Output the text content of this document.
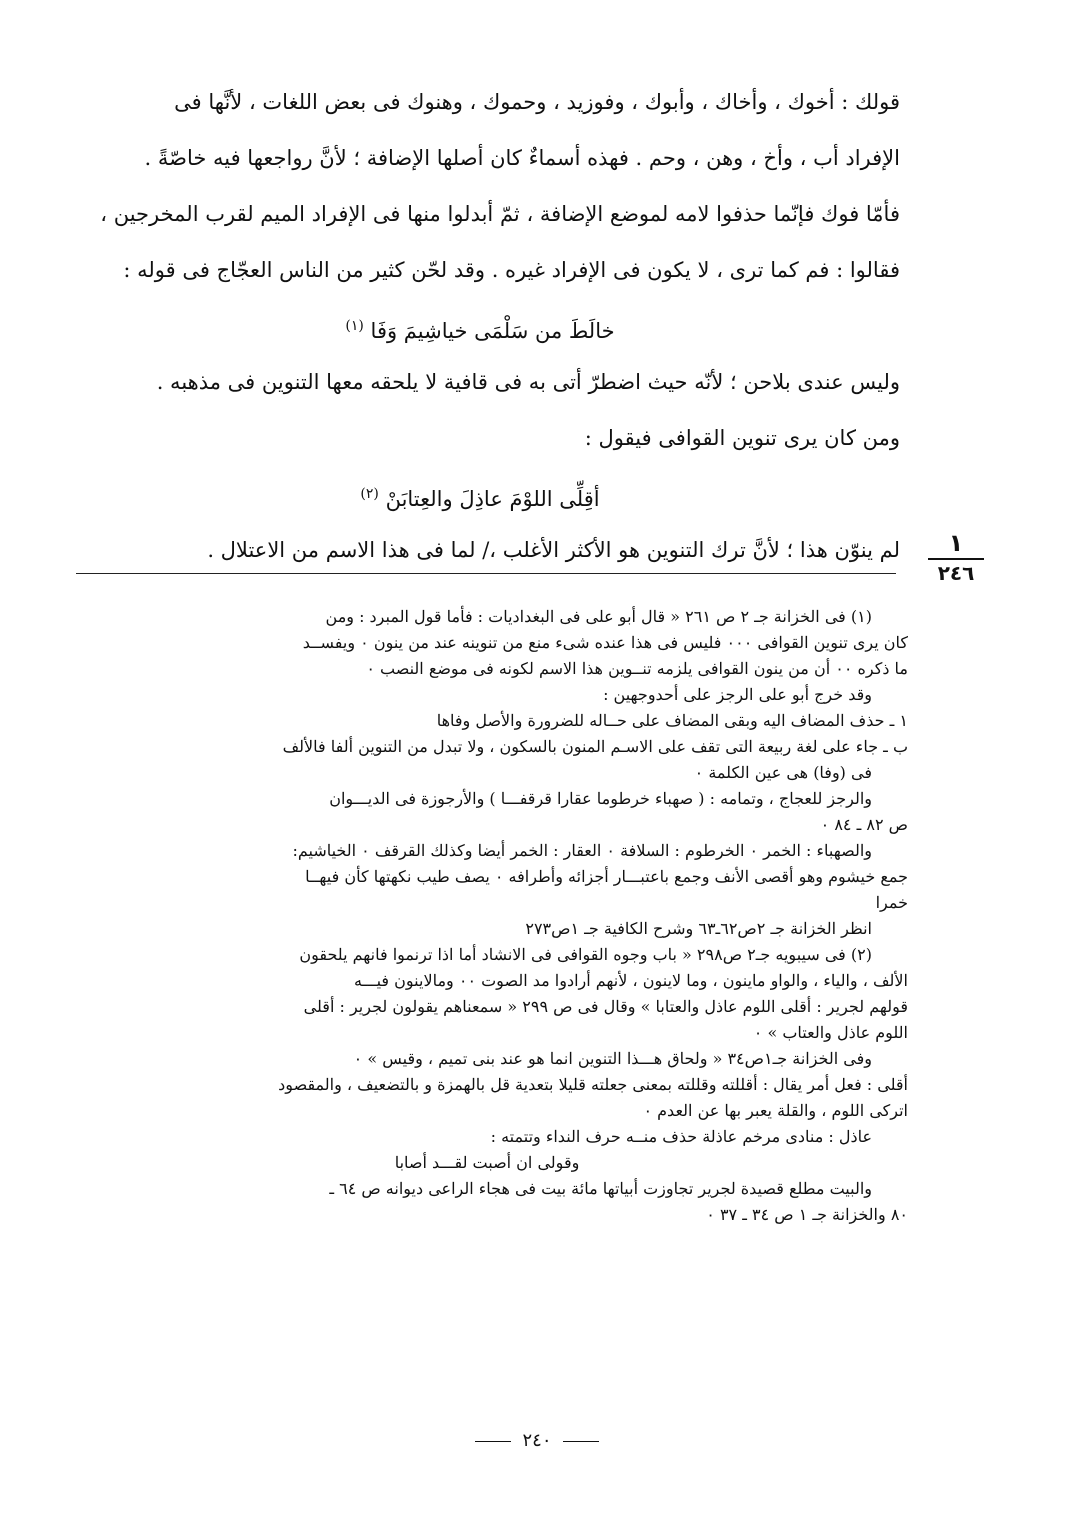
قولك : أخوك ، وأخاك ، وأبوك ، وفوزيد ، وحموك ، وهنوك فى بعض اللغات ، لأنَّها فى
الإفراد أب ، وأخ ، وهن ، وحم . فهذه أسماءٌ كان أصلها الإضافة ؛ لأنَّ رواجعها فيه خاصّةً .
فأمّا فوك فإنّما حذفوا لامه لموضع الإضافة ، ثمّ أبدلوا منها فى الإفراد الميم لقرب المخرجين ،
فقالوا : فم كما ترى ، لا يكون فى الإفراد غيره . وقد لحّن كثير من الناس العجّاج فى قوله :
خالَطَ من سَلْمَى خياشِيمَ وَفَا $^{(١)}$
وليس عندى بلاحن ؛ لأنّه حيث اضطرّ أتى به فى قافية لا يلحقه معها التنوين فى مذهبه .
ومن كان يرى تنوين القوافى فيقول :
أقِلِّى اللوْمَ عاذِلَ والعِتابَنْ $^{(٢)}$
لم ينوّن هذا ؛ لأنَّ ترك التنوين هو الأكثر الأغلب ،/ لما فى هذا الاسم من الاعتلال .	١
٢٤٦
(١) فى الخزانة جـ ٢ ص ٢٦١ « قال أبو على فى البغداديات : فأما قول المبرد : ومن
كان يرى تنوين القوافى ٠٠٠ فليس فى هذا عنده شىء منع من تنوينه عند من ينون ٠ ويفســد
ما ذكره ٠٠ أن من ينون القوافى يلزمه تنــوين هذا الاسم لكونه فى موضع النصب ٠
وقد خرج أبو على الرجز على أحدوجهين :
١ ـ حذف المضاف اليه وبقى المضاف على حــاله للضرورة والأصل وفاها
ب ـ جاء على لغة ربيعة التى تقف على الاسـم المنون بالسكون ، ولا تبدل من التنوين ألفا فالألف
فى (وفا) هى عين الكلمة ٠
والرجز للعجاج ، وتمامه : ( صهباء خرطوما عقارا قرقفـــا ) والأرجوزة فى الديـــوان
ص ٨٢ ـ ٨٤ ٠
والصهباء : الخمر ٠ الخرطوم : السلافة ٠ العقار : الخمر أيضا وكذلك القرقف ٠ الخياشيم:
جمع خيشوم وهو أقصى الأنف وجمع باعتبـــار أجزائه وأطرافه ٠ يصف طيب نكهتها كأن فيهــا
خمرا
انظر الخزانة جـ ٢ص٦٢ـ٦٣ وشرح الكافية جـ ١ص٢٧٣
(٢) فى سيبويه جـ٢ ص٢٩٨ « باب وجوه القوافى فى الانشاد أما اذا ترنموا فانهم يلحقون
الألف ، والياء ، والواو ماينون ، وما لاينون ، لأنهم أرادوا مد الصوت ٠٠ ومالاينون فيـــه
قولهم لجرير : أقلى اللوم عاذل والعتابا » وقال فى ص ٢٩٩ « سمعناهم يقولون لجرير : أقلى
اللوم عاذل والعتاب » ٠
وفى الخزانة جـ١ص٣٤ « ولحاق هـــذا التنوين انما هو عند بنى تميم ، وقيس » ٠
أقلى : فعل أمر يقال : أقللته وقللته بمعنى جعلته قليلا بتعدية قل بالهمزة و بالتضعيف ، والمقصود
اتركى اللوم ، والقلة يعبر بها عن العدم ٠
عاذل : منادى مرخم عاذلة حذف منــه حرف النداء وتتمته :
وقولى ان أصبت لقـــد أصابا
والبيت مطلع قصيدة لجرير تجاوزت أبياتها مائة بيت فى هجاء الراعى ديوانه ص ٦٤ ـ
٨٠ والخزانة جـ ١ ص ٣٤ ـ ٣٧ ٠
٢٤٠
